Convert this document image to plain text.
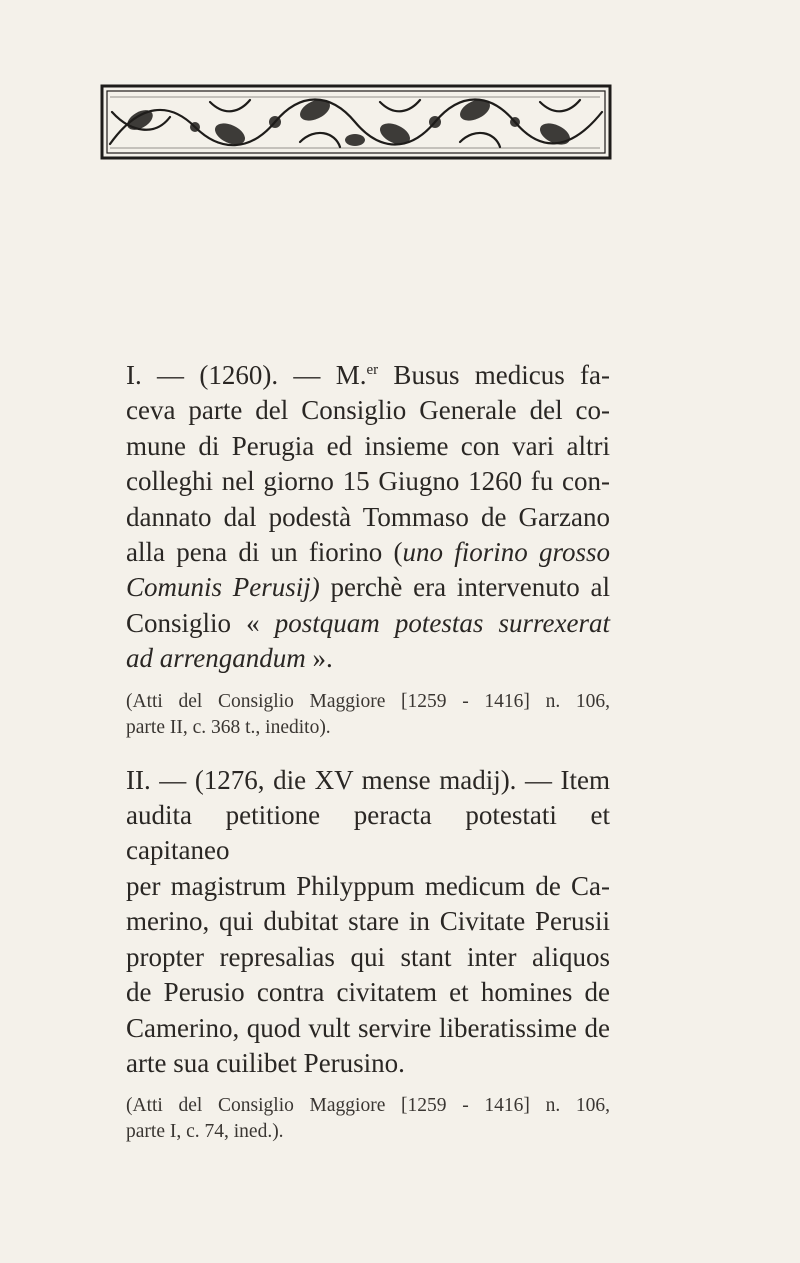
I. — (1260). — M.$^{er}$ Busus medicus fa-
ceva parte del Consiglio Generale del co-
mune di Perugia ed insieme con vari altri
colleghi nel giorno 15 Giugno 1260 fu con-
dannato dal podestà Tommaso de Garzano
alla pena di un fiorino (uno fiorino grosso
Comunis Perusij) perchè era intervenuto al
Consiglio « postquam potestas surrexerat
ad arrengandum ».

(Atti del Consiglio Maggiore [1259 - 1416] n. 106,
parte II, c. 368 t., inedito).

II. — (1276, die XV mense madij). — Item
audita petitione peracta potestati et capitaneo
per magistrum Philyppum medicum de Ca-
merino, qui dubitat stare in Civitate Perusii
propter represalias qui stant inter aliquos
de Perusio contra civitatem et homines de
Camerino, quod vult servire liberatissime de
arte sua cuilibet Perusino.

(Atti del Consiglio Maggiore [1259 - 1416] n. 106,
parte I, c. 74, ined.).
